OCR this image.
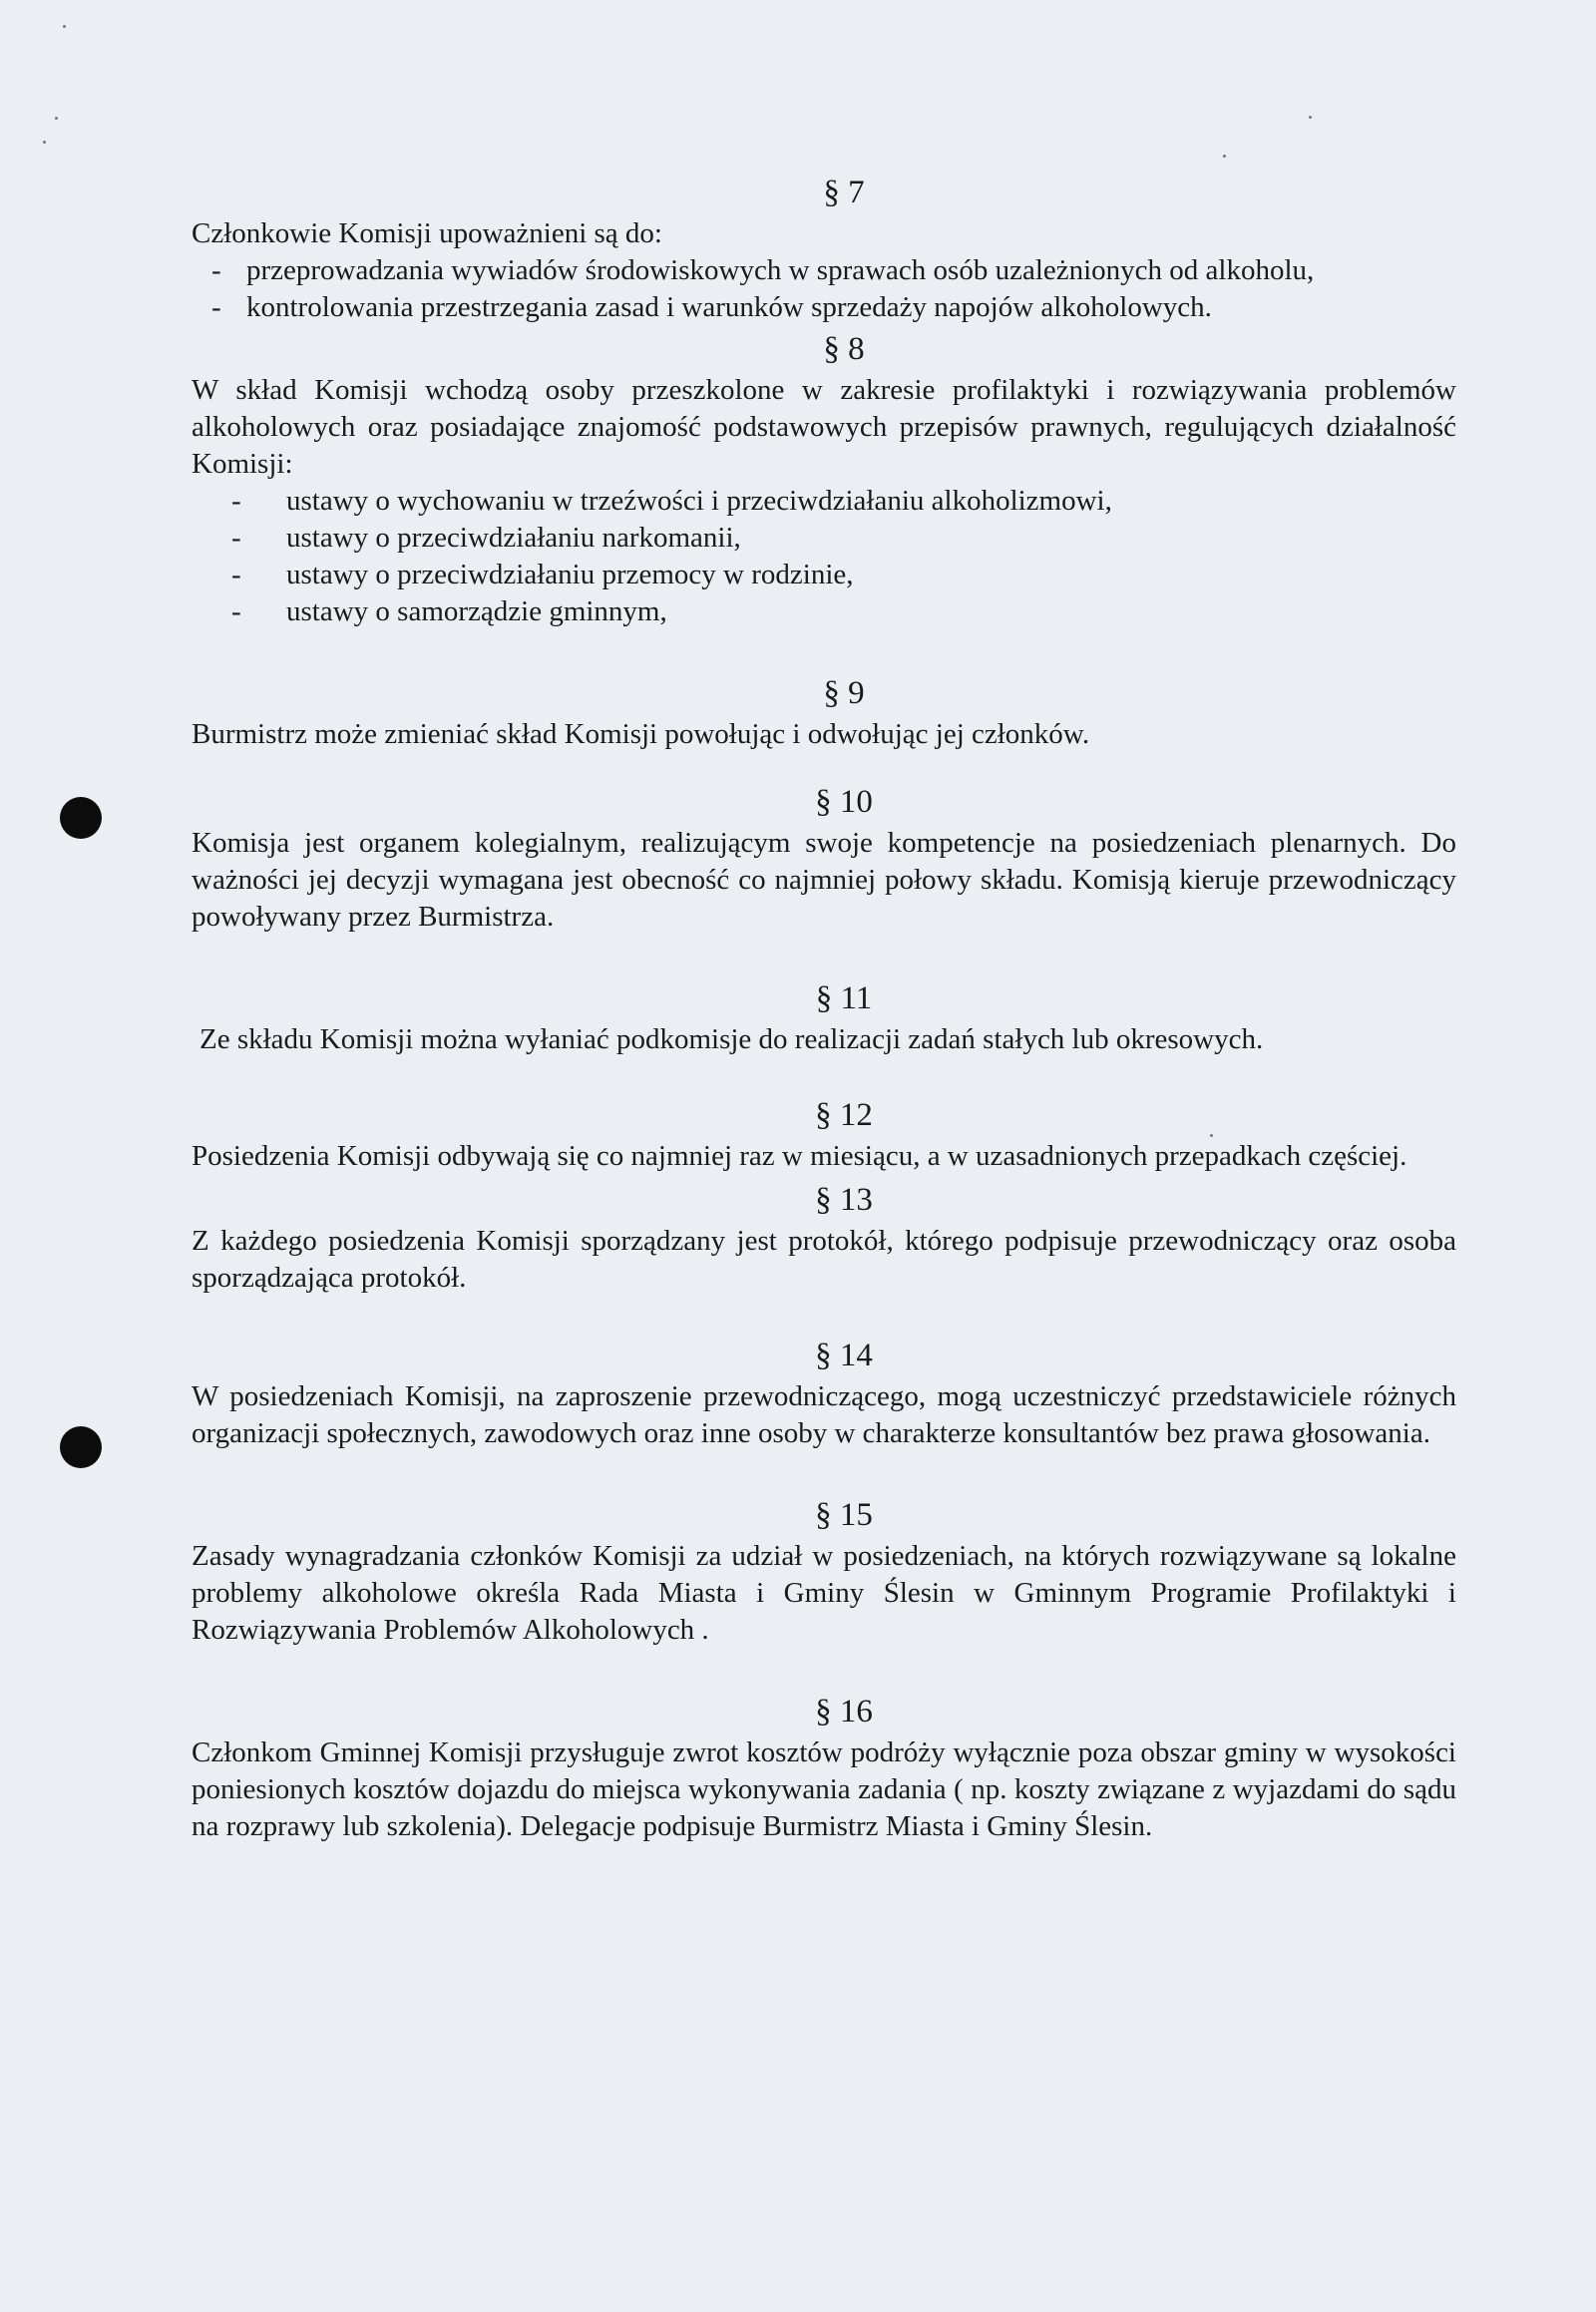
§ 7

Członkowie Komisji upoważnieni są do:

- przeprowadzania wywiadów środowiskowych w sprawach osób uzależnionych od alkoholu,
- kontrolowania przestrzegania zasad i warunków sprzedaży napojów alkoholowych.

§ 8

W skład Komisji wchodzą osoby przeszkolone w zakresie profilaktyki i rozwiązywania problemów alkoholowych oraz posiadające znajomość podstawowych przepisów prawnych, regulujących działalność Komisji:

- ustawy o wychowaniu w trzeźwości i przeciwdziałaniu alkoholizmowi,
- ustawy o przeciwdziałaniu narkomanii,
- ustawy o przeciwdziałaniu przemocy w rodzinie,
- ustawy o samorządzie gminnym,

§ 9

Burmistrz może zmieniać skład Komisji powołując i odwołując jej członków.

§ 10

Komisja jest organem kolegialnym, realizującym swoje kompetencje na posiedzeniach plenarnych. Do ważności jej decyzji wymagana jest obecność co najmniej połowy składu. Komisją kieruje przewodniczący powoływany przez Burmistrza.

§ 11

Ze składu Komisji można wyłaniać podkomisje do realizacji zadań stałych lub okresowych.

§ 12

Posiedzenia Komisji odbywają się co najmniej raz w miesiącu, a w uzasadnionych przepadkach częściej.

§ 13

Z każdego posiedzenia Komisji sporządzany jest protokół, którego podpisuje przewodniczący oraz osoba sporządzająca protokół.

§ 14

W posiedzeniach Komisji, na zaproszenie przewodniczącego, mogą uczestniczyć przedstawiciele różnych organizacji społecznych, zawodowych oraz inne osoby w charakterze konsultantów bez prawa głosowania.

§ 15

Zasady wynagradzania członków Komisji za udział w posiedzeniach, na których rozwiązywane są lokalne problemy alkoholowe określa Rada Miasta i Gminy Ślesin w Gminnym Programie Profilaktyki i Rozwiązywania Problemów Alkoholowych .

§ 16

Członkom Gminnej Komisji przysługuje zwrot kosztów podróży wyłącznie poza obszar gminy w wysokości poniesionych kosztów dojazdu do miejsca wykonywania zadania ( np. koszty związane z wyjazdami do sądu na rozprawy lub szkolenia). Delegacje podpisuje Burmistrz Miasta i Gminy Ślesin.
